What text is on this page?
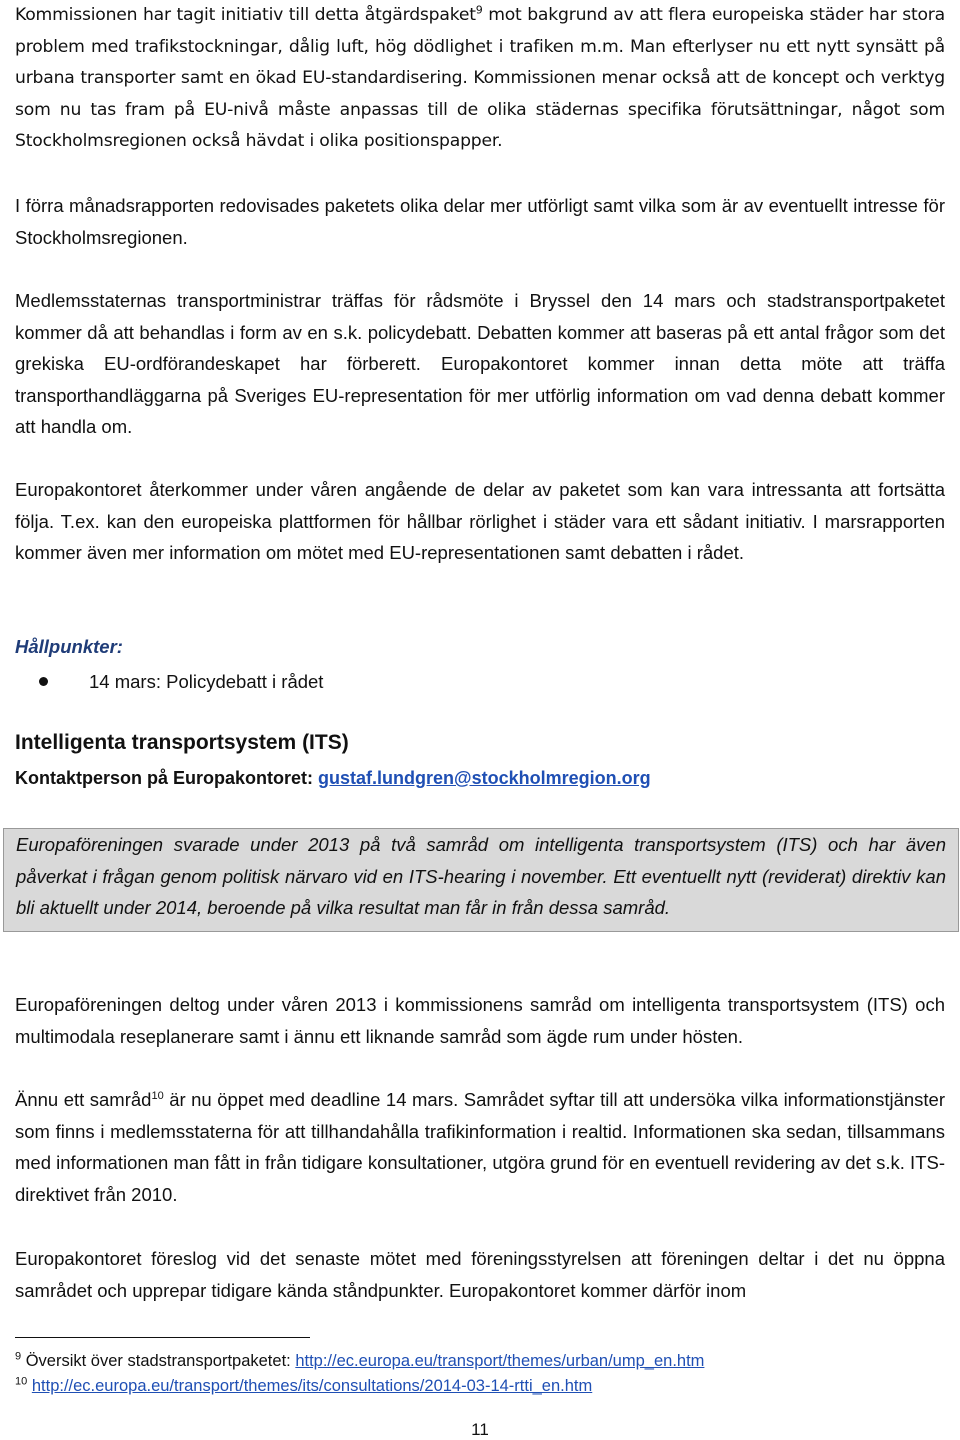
Kommissionen har tagit initiativ till detta åtgärdspaket$^9$ mot bakgrund av att flera europeiska städer har stora problem med trafikstockningar, dålig luft, hög dödlighet i trafiken m.m. Man efterlyser nu ett nytt synsätt på urbana transporter samt en ökad EU-standardisering. Kommissionen menar också att de koncept och verktyg som nu tas fram på EU-nivå måste anpassas till de olika städernas specifika förutsättningar, något som Stockholmsregionen också hävdat i olika positionspapper.

I förra månadsrapporten redovisades paketets olika delar mer utförligt samt vilka som är av eventuellt intresse för Stockholmsregionen.

Medlemsstaternas transportministrar träffas för rådsmöte i Bryssel den 14 mars och stadstransportpaketet kommer då att behandlas i form av en s.k. policydebatt. Debatten kommer att baseras på ett antal frågor som det grekiska EU-ordförandeskapet har förberett. Europakontoret kommer innan detta möte att träffa transporthandläggarna på Sveriges EU-representation för mer utförlig information om vad denna debatt kommer att handla om.

Europakontoret återkommer under våren angående de delar av paketet som kan vara intressanta att fortsätta följa. T.ex. kan den europeiska plattformen för hållbar rörlighet i städer vara ett sådant initiativ. I marsrapporten kommer även mer information om mötet med EU-representationen samt debatten i rådet.

Hållpunkter:

14 mars: Policydebatt i rådet
Intelligenta transportsystem (ITS)
Kontaktperson på Europakontoret: gustaf.lundgren@stockholmregion.org
Europaföreningen svarade under 2013 på två samråd om intelligenta transportsystem (ITS) och har även påverkat i frågan genom politisk närvaro vid en ITS-hearing i november. Ett eventuellt nytt (reviderat) direktiv kan bli aktuellt under 2014, beroende på vilka resultat man får in från dessa samråd.

Europaföreningen deltog under våren 2013 i kommissionens samråd om intelligenta transportsystem (ITS) och multimodala reseplanerare samt i ännu ett liknande samråd som ägde rum under hösten.

Ännu ett samråd$^{10}$ är nu öppet med deadline 14 mars. Samrådet syftar till att undersöka vilka informationstjänster som finns i medlemsstaterna för att tillhandahålla trafikinformation i realtid. Informationen ska sedan, tillsammans med informationen man fått in från tidigare konsultationer, utgöra grund för en eventuell revidering av det s.k. ITS-direktivet från 2010.

Europakontoret föreslog vid det senaste mötet med föreningsstyrelsen att föreningen deltar i det nu öppna samrådet och upprepar tidigare kända ståndpunkter. Europakontoret kommer därför inom

$^9$ Översikt över stadstransportpaketet: http://ec.europa.eu/transport/themes/urban/ump_en.htm
$^{10}$ http://ec.europa.eu/transport/themes/its/consultations/2014-03-14-rtti_en.htm
11
